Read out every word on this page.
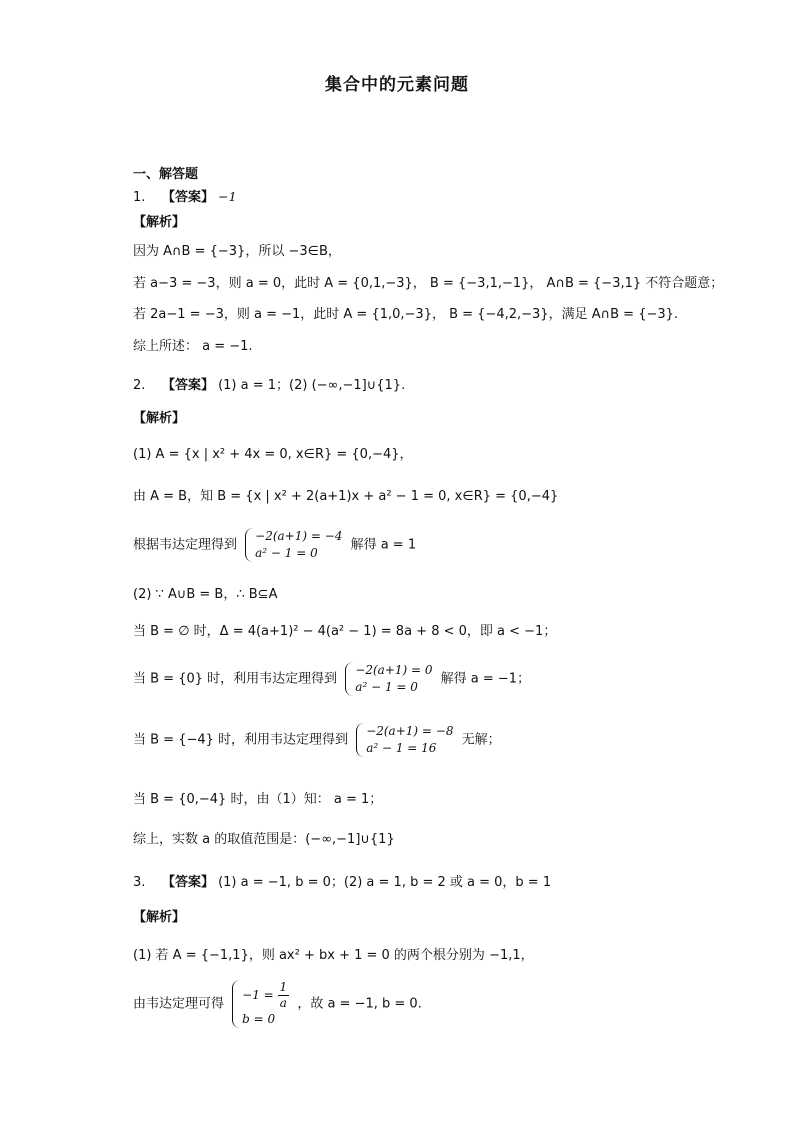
集合中的元素问题
一、解答题
1. 【答案】 −1
【解析】
因为 A∩B = {−3}，所以 −3∈B，
若 a−3 = −3，则 a = 0，此时 A = {0,1,−3}， B = {−3,1,−1}， A∩B = {−3,1} 不符合题意；
若 2a−1 = −3，则 a = −1，此时 A = {1,0,−3}， B = {−4,2,−3}，满足 A∩B = {−3}.
综上所述： a = −1.
2. 【答案】 (1) a = 1；(2) (−∞,−1]∪{1}.
【解析】
(1) A = {x | x² + 4x = 0, x∈R} = {0,−4}，
由 A = B，知 B = {x | x² + 2(a+1)x + a² − 1 = 0, x∈R} = {0,−4}
根据韦达定理得到
−2(a+1) = −4
a² − 1 = 0
解得 a = 1
(2) ∵ A∪B = B，∴ B⊆A
当 B = ∅ 时，Δ = 4(a+1)² − 4(a² − 1) = 8a + 8 < 0，即 a < −1；
当 B = {0} 时，利用韦达定理得到
−2(a+1) = 0
a² − 1 = 0
解得 a = −1；
当 B = {−4} 时，利用韦达定理得到
−2(a+1) = −8
a² − 1 = 16
无解；
当 B = {0,−4} 时，由（1）知： a = 1；
综上，实数 a 的取值范围是：(−∞,−1]∪{1}
3. 【答案】 (1) a = −1, b = 0；(2) a = 1, b = 2 或 a = 0，b = 1
【解析】
(1) 若 A = {−1,1}，则 ax² + bx + 1 = 0 的两个根分别为 −1,1，
由韦达定理可得
$-1 = \frac{1}{a}$
b = 0
，故 a = −1, b = 0.
